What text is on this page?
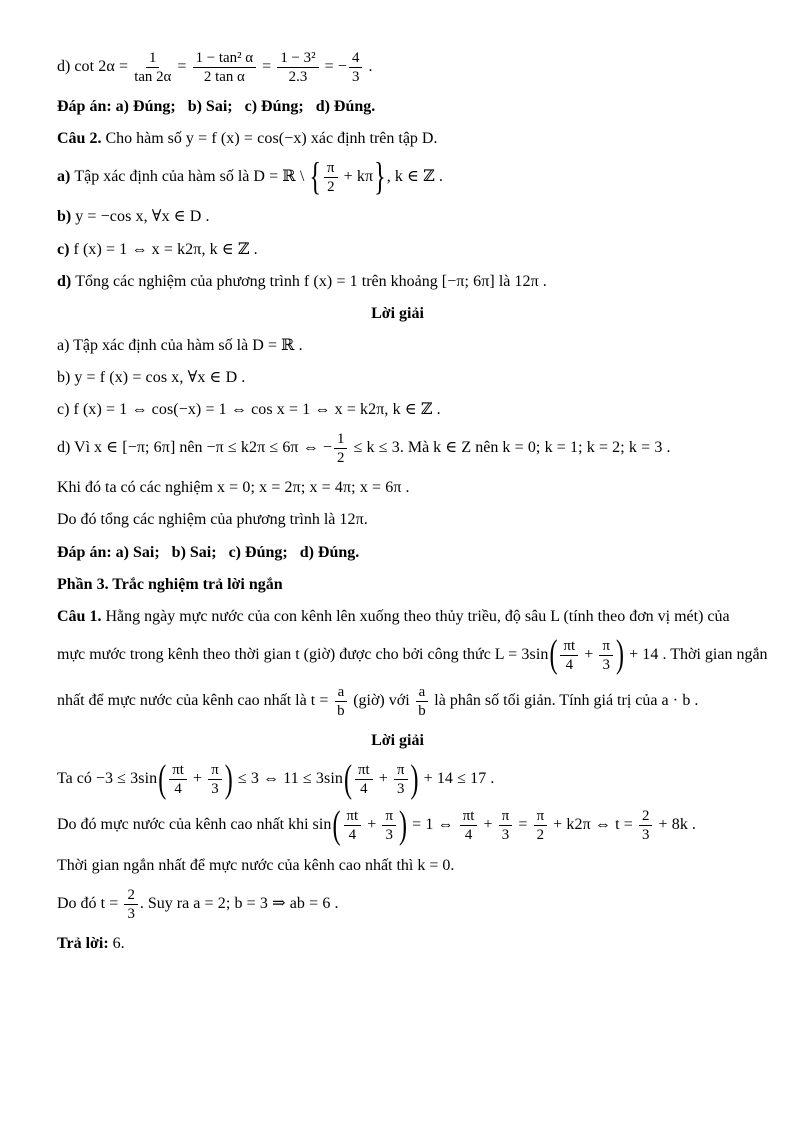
d) $\cot 2\alpha = \frac{1}{\tan 2\alpha} = \frac{\text{1 − tan² α}}{\text{2 tan α}} = \frac{\text{1 − 3²}}{2.3}$ = − $\frac{4}{3}$ .
Đáp án: a) Đúng;   b) Sai;   c) Đúng;   d) Đúng.
Câu 2. Cho hàm số y = f (x) = cos(−x) xác định trên tập D.
a) Tập xác định của hàm số là D = ℝ \ { $\frac{\pi}{2} + k\pi$}, k ∈ ℤ .
b) y = −cos x, ∀x ∈ D .
c) f (x) = 1 ⇔ x = k2π, k ∈ ℤ .
d) Tổng các nghiệm của phương trình f (x) = 1 trên khoảng [−π; 6π] là 12π .
Lời giải
a) Tập xác định của hàm số là D = ℝ .
b) y = f (x) = cos x, ∀x ∈ D .
c) f (x) = 1 ⇔ cos(−x) = 1 ⇔ cos x = 1 ⇔ x = k2π, k ∈ ℤ .
d) Vì x ∈ [−π; 6π] nên −π ≤ k2π ≤ 6π ⇔ − $\frac{1}{2} \le k \le 3$. Mà k ∈ Z nên k = 0; k = 1; k = 2; k = 3 .
Khi đó ta có các nghiệm x = 0; x = 2π; x = 4π; x = 6π .
Do đó tổng các nghiệm của phương trình là 12π.
Đáp án: a) Sai;   b) Sai;   c) Đúng;   d) Đúng.
Phần 3. Trắc nghiệm trả lời ngắn
Câu 1. Hằng ngày mực nước của con kênh lên xuống theo thủy triều, độ sâu L (tính theo đơn vị mét) của
mực mước trong kênh theo thời gian t (giờ) được cho bởi công thức $L = 3\sin( \frac{\pi t}{4} + \frac{\pi}{3}$ ) + 14 . Thời gian ngắn
nhất để mực nước của kênh cao nhất là $t = \frac{a}{b}$ (giờ) với $\frac{a}{b}$ là phân số tối giản. Tính giá trị của a · b .
Lời giải
Ta có $-3 \le 3\sin( \frac{\pi t}{4} + \frac{\pi}{3}$ ) ≤ 3 ⇔ $11 \le 3\sin( \frac{\pi t}{4} + \frac{\pi}{3}$ ) + 14 ≤ 17 .
Do đó mực nước của kênh cao nhất khi $\sin( \frac{\pi t}{4} + \frac{\pi}{3}$ ) = 1 ⇔ $\frac{\pi t}{4} + \frac{\pi}{3} = \frac{\pi}{2} + k2\pi$ ⇔ $t = \frac{2}{3} + 8k$ .
Thời gian ngắn nhất để mực nước của kênh cao nhất thì k = 0.
Do đó $t = \frac{2}{3}$ . Suy ra a = 2; b = 3 ⇒ ab = 6 .
Trả lời: 6.
